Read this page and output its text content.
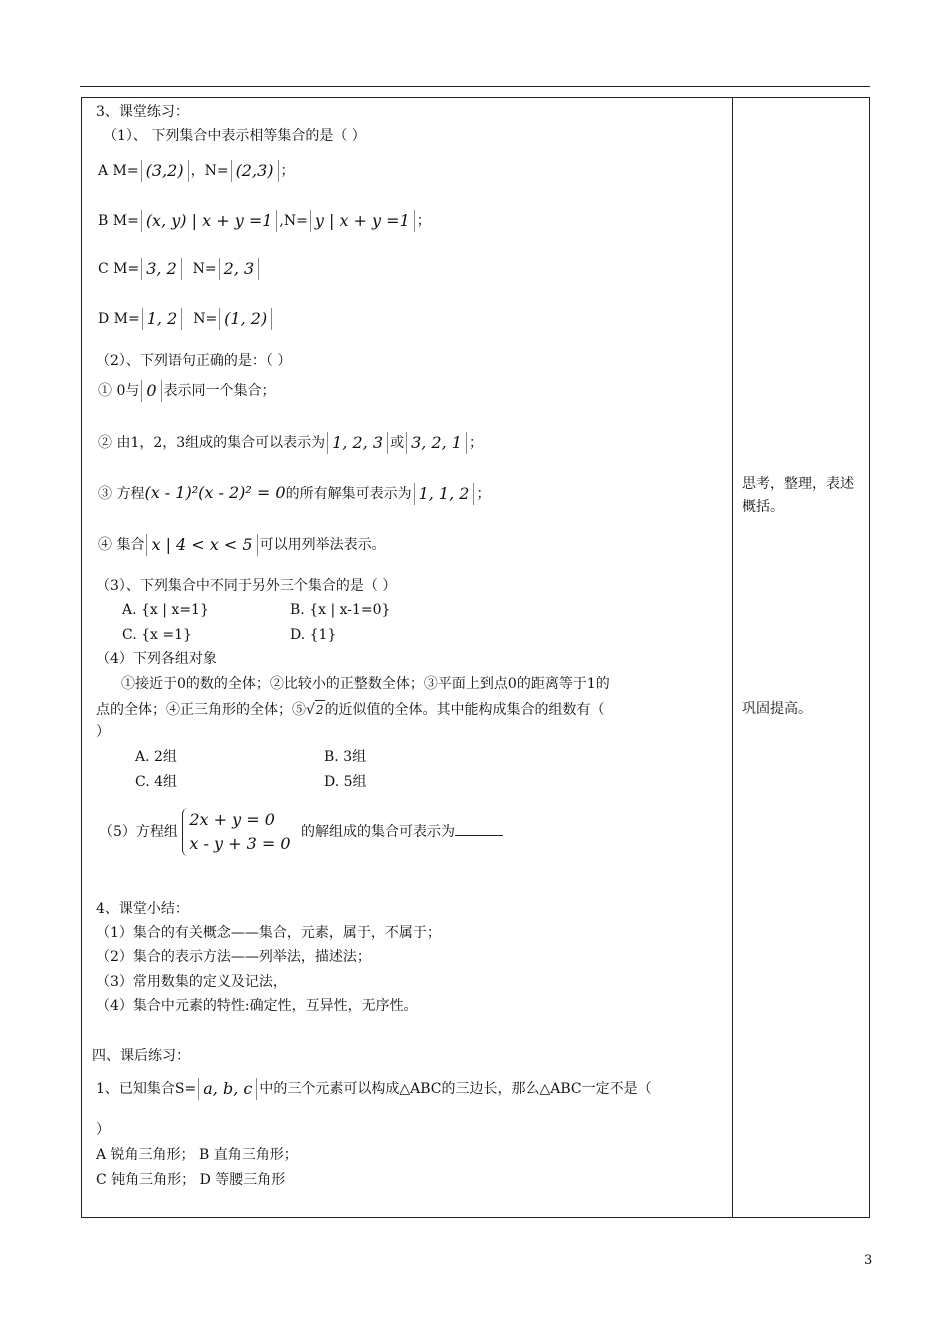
3、课堂练习：
（1）、 下列集合中表示相等集合的是（ ）
A M= (3,2) ，N= (2,3) ；
B M= (x, y) | x + y =1 ,N= y | x + y =1 ；
C M= 3, 2 N= 2, 3
D M= 1, 2 N= (1, 2)
（2）、下列语句正确的是：（ ）
① 0与 0 表示同一个集合；
② 由1，2，3组成的集合可以表示为 1, 2, 3 或 3, 2, 1 ；
③ 方程(x - 1)²(x - 2)² = 0的所有解集可表示为 1, 1, 2 ；
④ 集合 x | 4 < x < 5 可以用列举法表示。
（3）、下列集合中不同于另外三个集合的是（ ）
A. {x | x=1}	B. {x | x-1=0}
C. {x =1}	D. {1}
（4）下列各组对象
①接近于0的数的全体；②比较小的正整数全体；③平面上到点0的距离等于1的
点的全体；④正三角形的全体；⑤√2的近似值的全体。其中能构成集合的组数有（
）
A. 2组	B. 3组
C. 4组	D. 5组
（5）方程组 2x + y = 0
x - y + 3 = 0 的解组成的集合可表示为
4、课堂小结：
（1）集合的有关概念——集合，元素，属于，不属于；
（2）集合的表示方法——列举法，描述法；
（3）常用数集的定义及记法，
（4）集合中元素的特性:确定性，互异性，无序性。
四、课后练习：
1、已知集合S= a, b, c 中的三个元素可以构成△ABC的三边长，那么△ABC一定不是（
）
A 锐角三角形； B 直角三角形；
C 钝角三角形； D 等腰三角形
思考，整理，表述
概括。
巩固提高。
3
